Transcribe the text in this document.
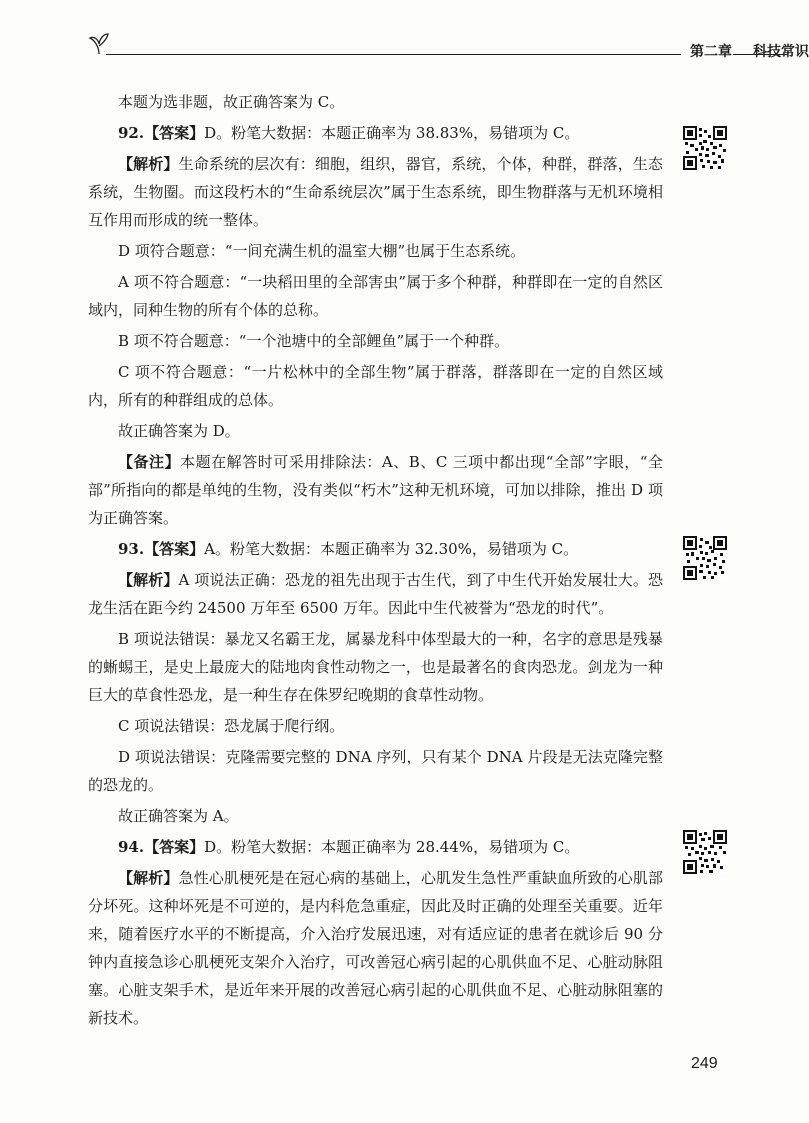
第二章 科技常识

本题为选非题，故正确答案为 C。

92.【答案】D。粉笔大数据：本题正确率为 38.83%，易错项为 C。

【解析】生命系统的层次有：细胞，组织，器官，系统，个体，种群，群落，生态系统，生物圈。而这段朽木的“生命系统层次”属于生态系统，即生物群落与无机环境相互作用而形成的统一整体。

D 项符合题意：“一间充满生机的温室大棚”也属于生态系统。

A 项不符合题意：“一块稻田里的全部害虫”属于多个种群，种群即在一定的自然区域内，同种生物的所有个体的总称。

B 项不符合题意：“一个池塘中的全部鲤鱼”属于一个种群。

C 项不符合题意：“一片松林中的全部生物”属于群落，群落即在一定的自然区域内，所有的种群组成的总体。

故正确答案为 D。

【备注】本题在解答时可采用排除法：A、B、C 三项中都出现“全部”字眼，“全部”所指向的都是单纯的生物，没有类似“朽木”这种无机环境，可加以排除，推出 D 项为正确答案。

93.【答案】A。粉笔大数据：本题正确率为 32.30%，易错项为 C。

【解析】A 项说法正确：恐龙的祖先出现于古生代，到了中生代开始发展壮大。恐龙生活在距今约 24500 万年至 6500 万年。因此中生代被誉为“恐龙的时代”。

B 项说法错误：暴龙又名霸王龙，属暴龙科中体型最大的一种，名字的意思是残暴的蜥蜴王，是史上最庞大的陆地肉食性动物之一，也是最著名的食肉恐龙。剑龙为一种巨大的草食性恐龙，是一种生存在侏罗纪晚期的食草性动物。

C 项说法错误：恐龙属于爬行纲。

D 项说法错误：克隆需要完整的 DNA 序列，只有某个 DNA 片段是无法克隆完整的恐龙的。

故正确答案为 A。

94.【答案】D。粉笔大数据：本题正确率为 28.44%，易错项为 C。

【解析】急性心肌梗死是在冠心病的基础上，心肌发生急性严重缺血所致的心肌部分坏死。这种坏死是不可逆的，是内科危急重症，因此及时正确的处理至关重要。近年来，随着医疗水平的不断提高，介入治疗发展迅速，对有适应证的患者在就诊后 90 分钟内直接急诊心肌梗死支架介入治疗，可改善冠心病引起的心肌供血不足、心脏动脉阻塞。心脏支架手术，是近年来开展的改善冠心病引起的心肌供血不足、心脏动脉阻塞的新技术。

249
